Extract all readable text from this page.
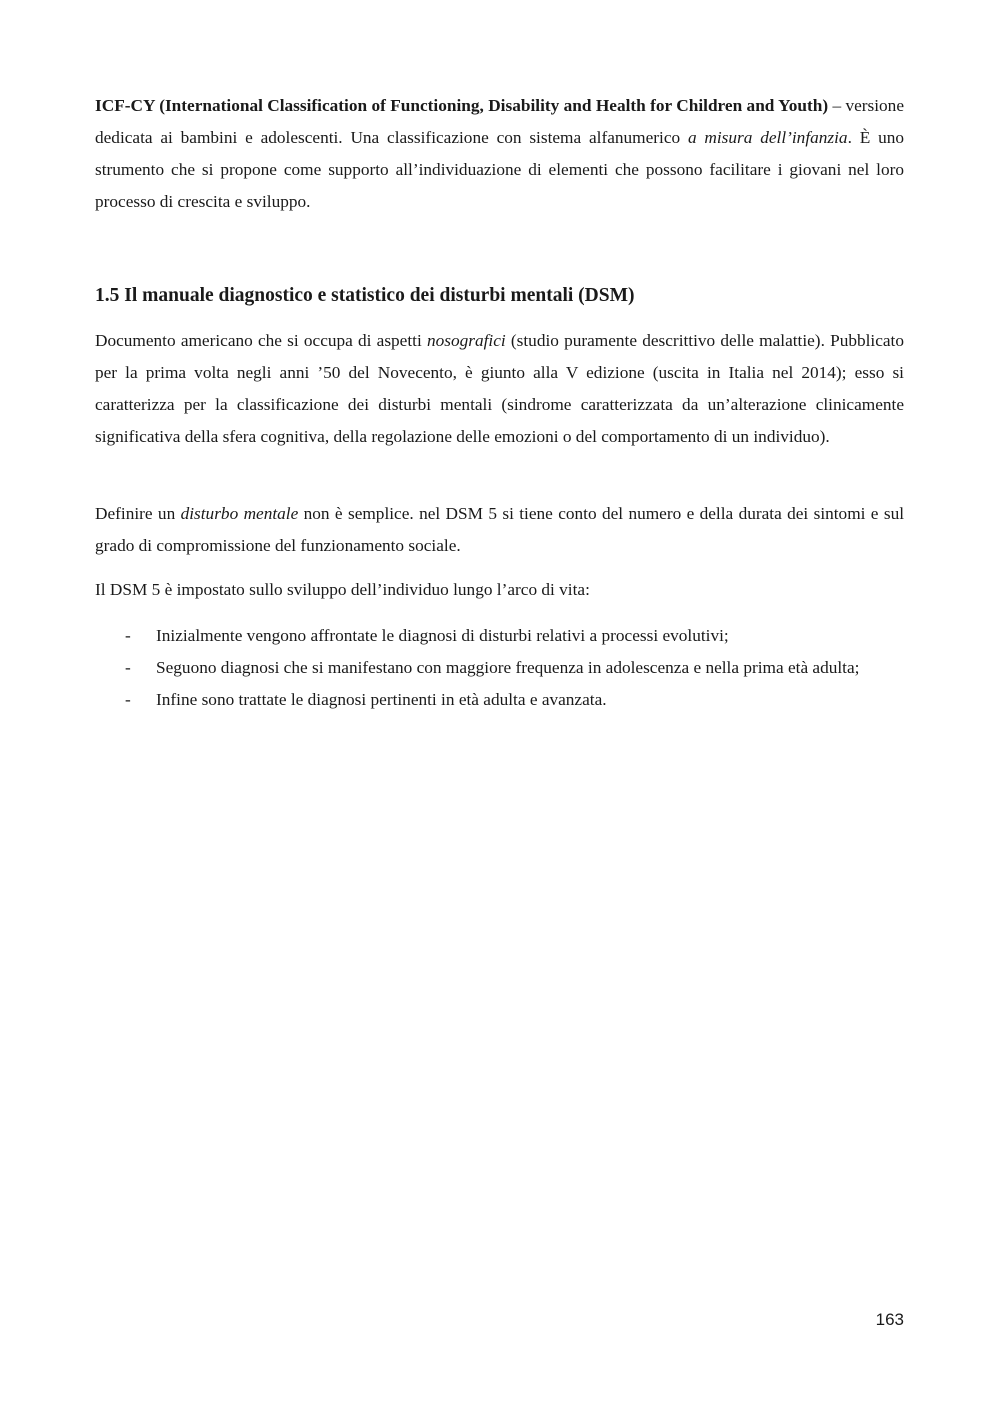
ICF-CY (International Classification of Functioning, Disability and Health for Children and Youth) – versione dedicata ai bambini e adolescenti. Una classificazione con sistema alfanumerico a misura dell’infanzia. È uno strumento che si propone come supporto all’individuazione di elementi che possono facilitare i giovani nel loro processo di crescita e sviluppo.

1.5 Il manuale diagnostico e statistico dei disturbi mentali (DSM)

Documento americano che si occupa di aspetti nosografici (studio puramente descrittivo delle malattie). Pubblicato per la prima volta negli anni ’50 del Novecento, è giunto alla V edizione (uscita in Italia nel 2014); esso si caratterizza per la classificazione dei disturbi mentali (sindrome caratterizzata da un’alterazione clinicamente significativa della sfera cognitiva, della regolazione delle emozioni o del comportamento di un individuo).

Definire un disturbo mentale non è semplice. nel DSM 5 si tiene conto del numero e della durata dei sintomi e sul grado di compromissione del funzionamento sociale.

Il DSM 5 è impostato sullo sviluppo dell’individuo lungo l’arco di vita:

- Inizialmente vengono affrontate le diagnosi di disturbi relativi a processi evolutivi;
- Seguono diagnosi che si manifestano con maggiore frequenza in adolescenza e nella prima età adulta;
- Infine sono trattate le diagnosi pertinenti in età adulta e avanzata.
163
